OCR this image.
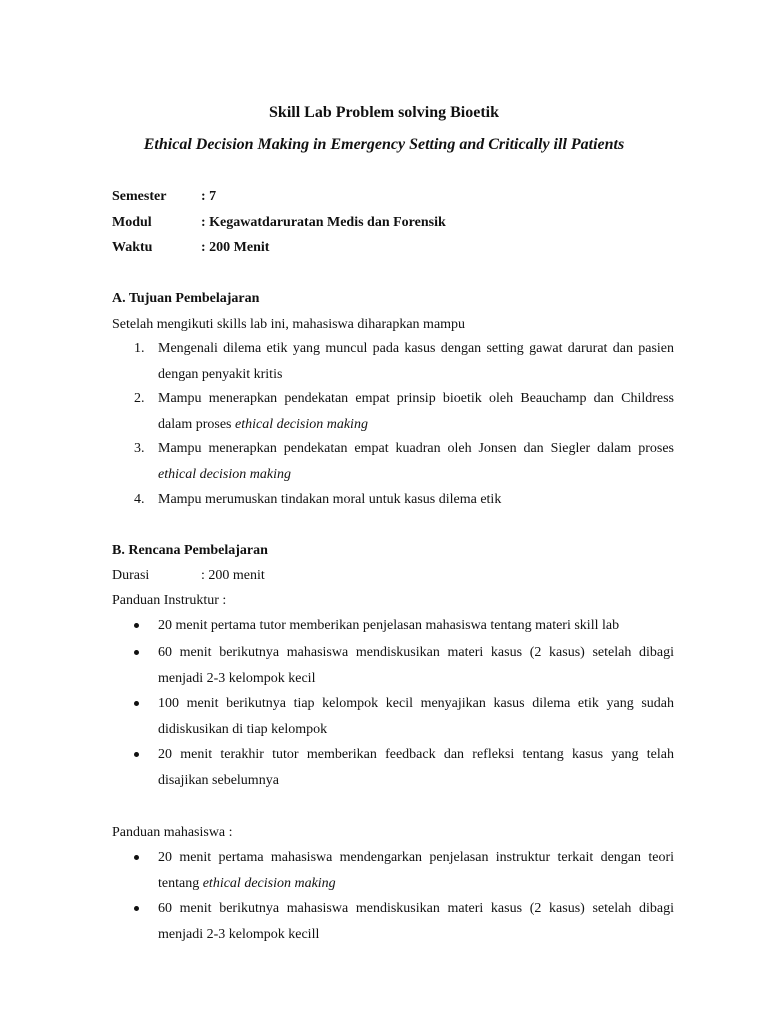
Skill Lab Problem solving Bioetik
Ethical Decision Making in Emergency Setting and Critically ill Patients
Semester : 7
Modul	: Kegawatdaruratan Medis dan Forensik
Waktu	: 200 Menit
A. Tujuan Pembelajaran
Setelah mengikuti skills lab ini, mahasiswa diharapkan mampu
1. Mengenali dilema etik yang muncul pada kasus dengan setting gawat darurat dan pasien dengan penyakit kritis
2. Mampu menerapkan pendekatan empat prinsip bioetik oleh Beauchamp dan Childress dalam proses ethical decision making
3. Mampu menerapkan pendekatan empat kuadran oleh Jonsen dan Siegler dalam proses ethical decision making
4. Mampu merumuskan tindakan moral untuk kasus dilema etik
B. Rencana Pembelajaran
Durasi	: 200 menit
Panduan Instruktur :
20 menit pertama tutor memberikan penjelasan mahasiswa tentang materi skill lab
60 menit berikutnya mahasiswa mendiskusikan materi kasus (2 kasus) setelah dibagi menjadi 2-3 kelompok kecil
100 menit berikutnya tiap kelompok kecil menyajikan kasus dilema etik yang sudah didiskusikan di tiap kelompok
20 menit terakhir tutor memberikan feedback dan refleksi tentang kasus yang telah disajikan sebelumnya
Panduan mahasiswa :
20 menit pertama mahasiswa mendengarkan penjelasan instruktur terkait dengan teori tentang ethical decision making
60 menit berikutnya mahasiswa mendiskusikan materi kasus (2 kasus) setelah dibagi menjadi 2-3 kelompok kecill
